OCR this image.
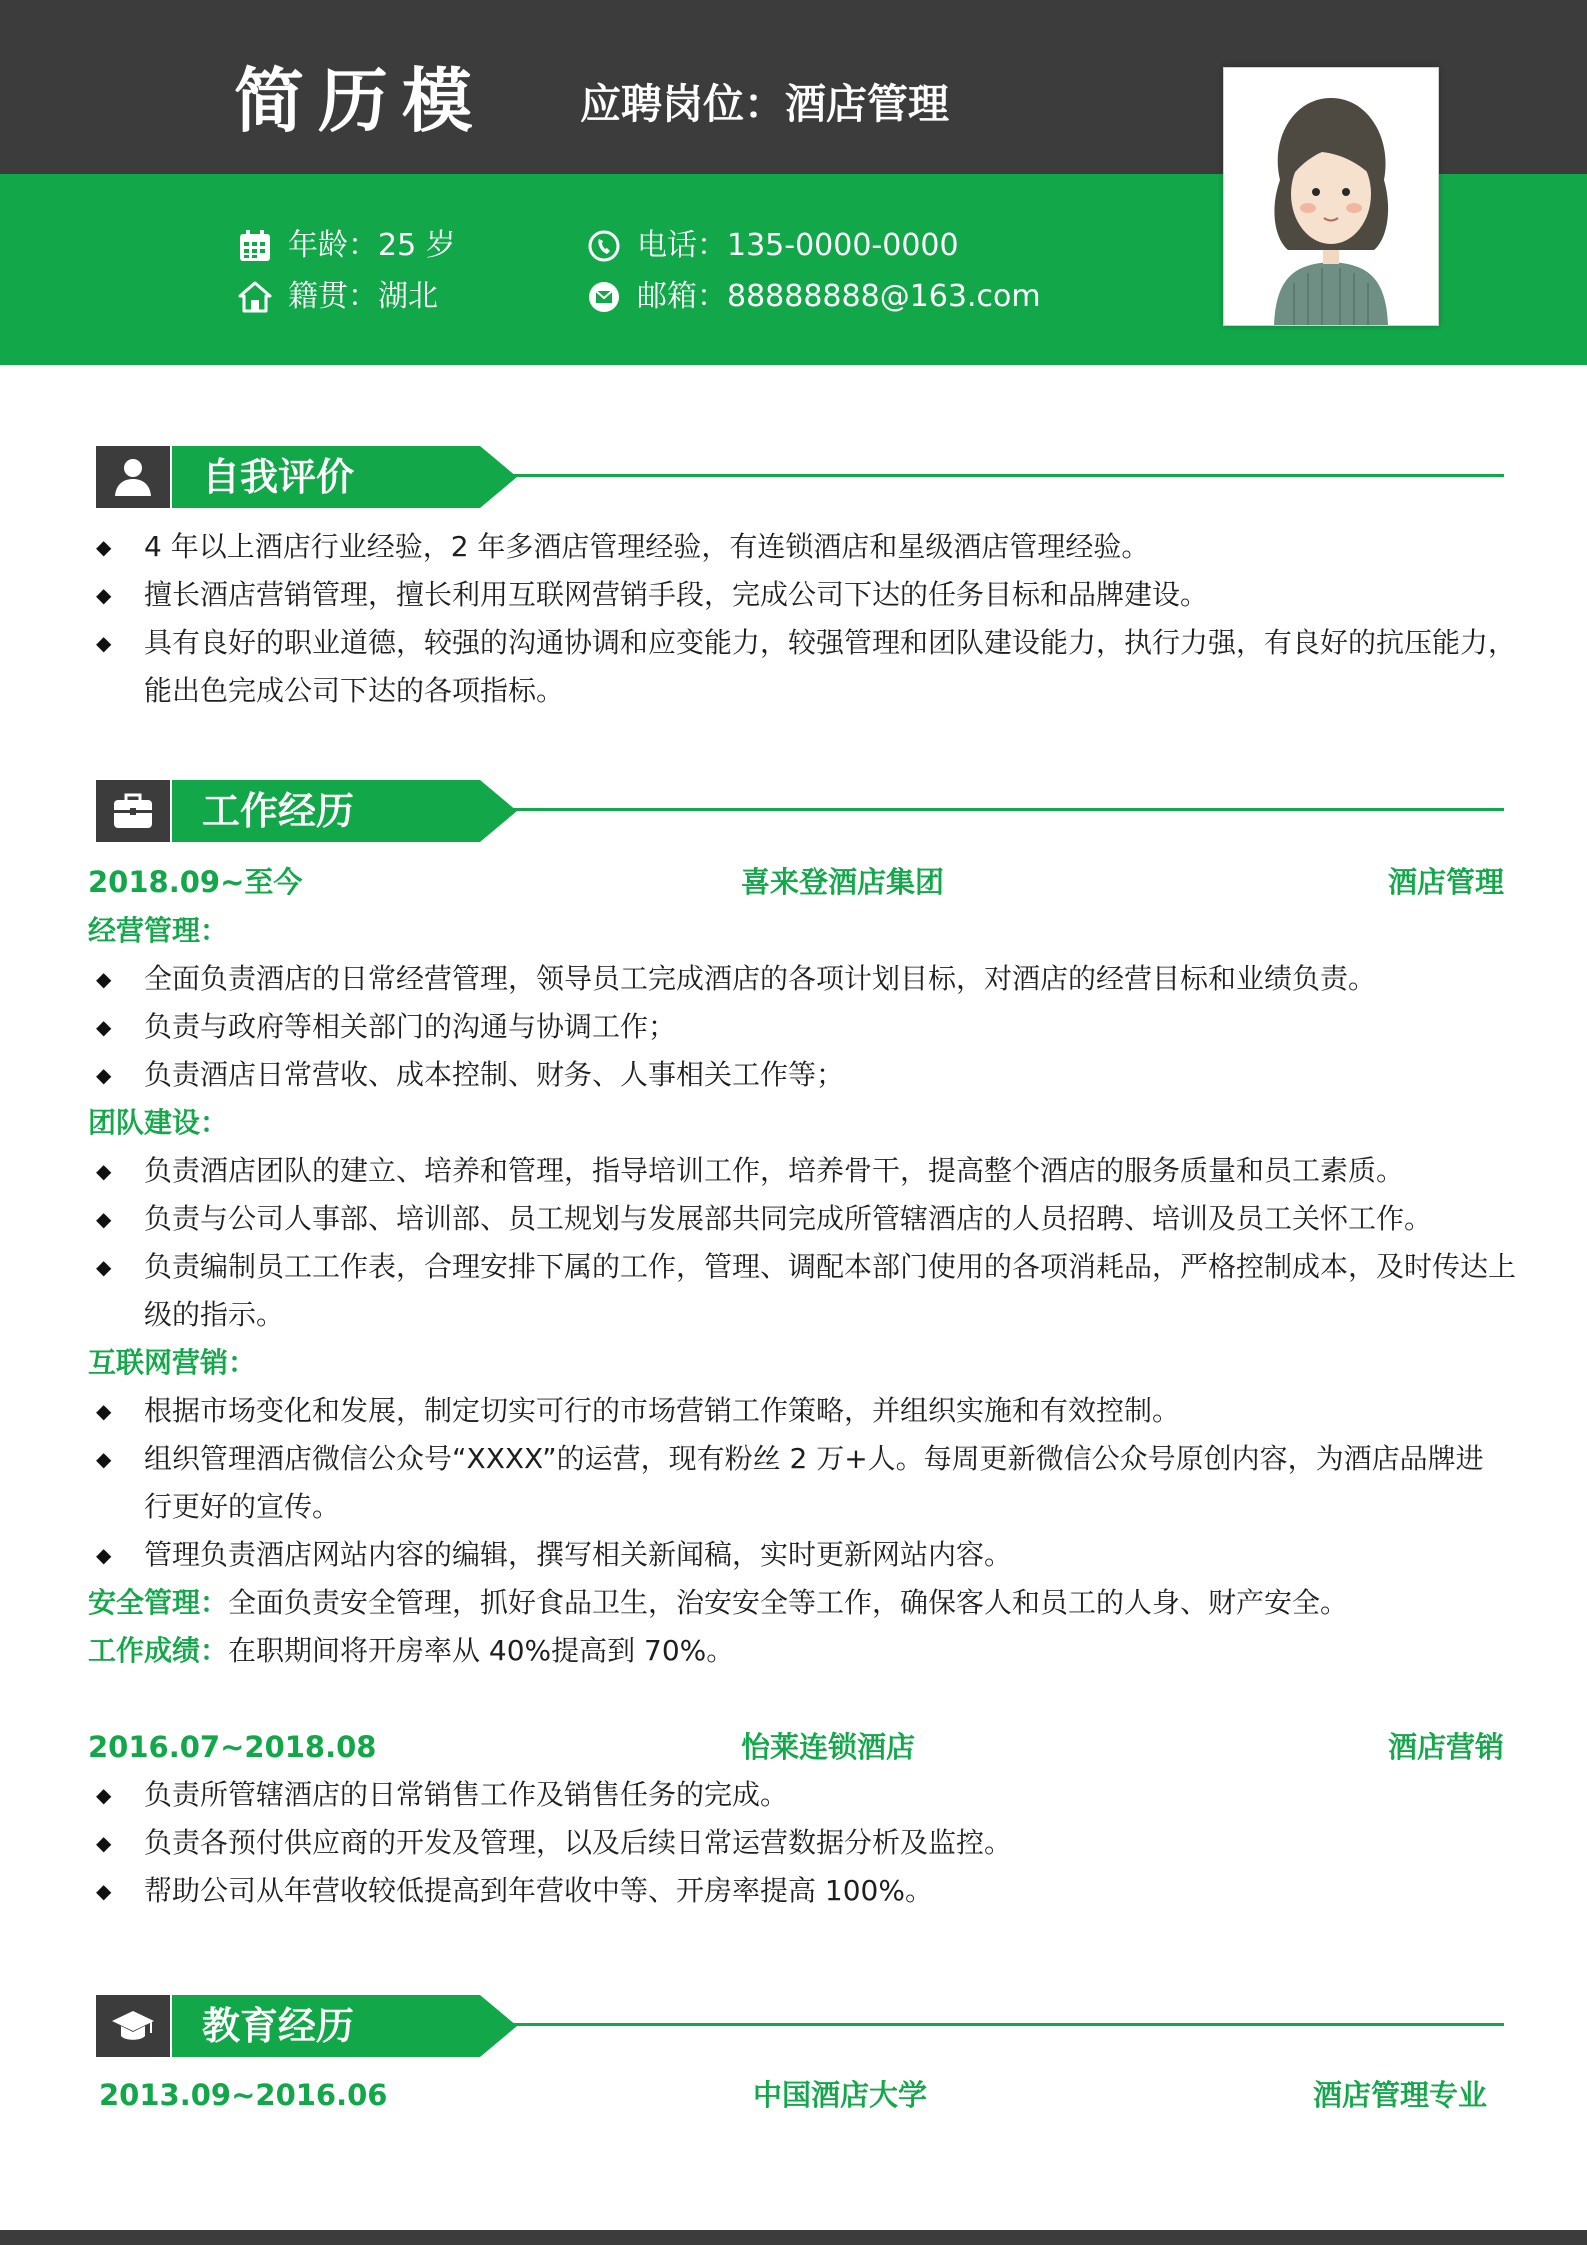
简历模 应聘岗位：酒店管理
年龄 ：	25 岁
籍贯 ：	湖北
电话 ：	135-0000-0000
邮箱 ：	88888888@163.com
自我评价
◆ 4 年以上酒店行业经验，2 年多酒店管理经验，有连锁酒店和星级酒店管理经验。
◆ 擅长酒店营销管理，擅长利用互联网营销手段，完成公司下达的任务目标和品牌建设。
◆ 具有良好的职业道德，较强的沟通协调和应变能力，较强管理和团队建设能力，执行力强，有良好的抗压能力，
能出色完成公司下达的各项指标。
工作经历
2018.09~至今	喜来登酒店集团	酒店管理
经营管理：
◆ 全面负责酒店的日常经营管理，领导员工完成酒店的各项计划目标，对酒店的经营目标和业绩负责。
◆ 负责与政府等相关部门的沟通与协调工作；
◆ 负责酒店日常营收、成本控制、财务、人事相关工作等；
团队建设：
◆ 负责酒店团队的建立、培养和管理，指导培训工作，培养骨干，提高整个酒店的服务质量和员工素质。
◆ 负责与公司人事部、培训部、员工规划与发展部共同完成所管辖酒店的人员招聘、培训及员工关怀工作。
◆ 负责编制员工工作表，合理安排下属的工作，管理、调配本部门使用的各项消耗品，严格控制成本，及时传达上
级的指示。
互联网营销：
◆ 根据市场变化和发展，制定切实可行的市场营销工作策略，并组织实施和有效控制。
◆ 组织管理酒店微信公众号“XXXX”的运营，现有粉丝 2 万+人。每周更新微信公众号原创内容，为酒店品牌进
行更好的宣传。
◆ 管理负责酒店网站内容的编辑，撰写相关新闻稿，实时更新网站内容。
安全管理：全面负责安全管理，抓好食品卫生，治安安全等工作，确保客人和员工的人身、财产安全。
工作成绩：在职期间将开房率从 40%提高到 70%。
2016.07~2018.08	怡莱连锁酒店	酒店营销
◆ 负责所管辖酒店的日常销售工作及销售任务的完成。
◆ 负责各预付供应商的开发及管理，以及后续日常运营数据分析及监控。
◆ 帮助公司从年营收较低提高到年营收中等、开房率提高 100%。
教育经历
2013.09~2016.06	中国酒店大学	酒店管理专业
